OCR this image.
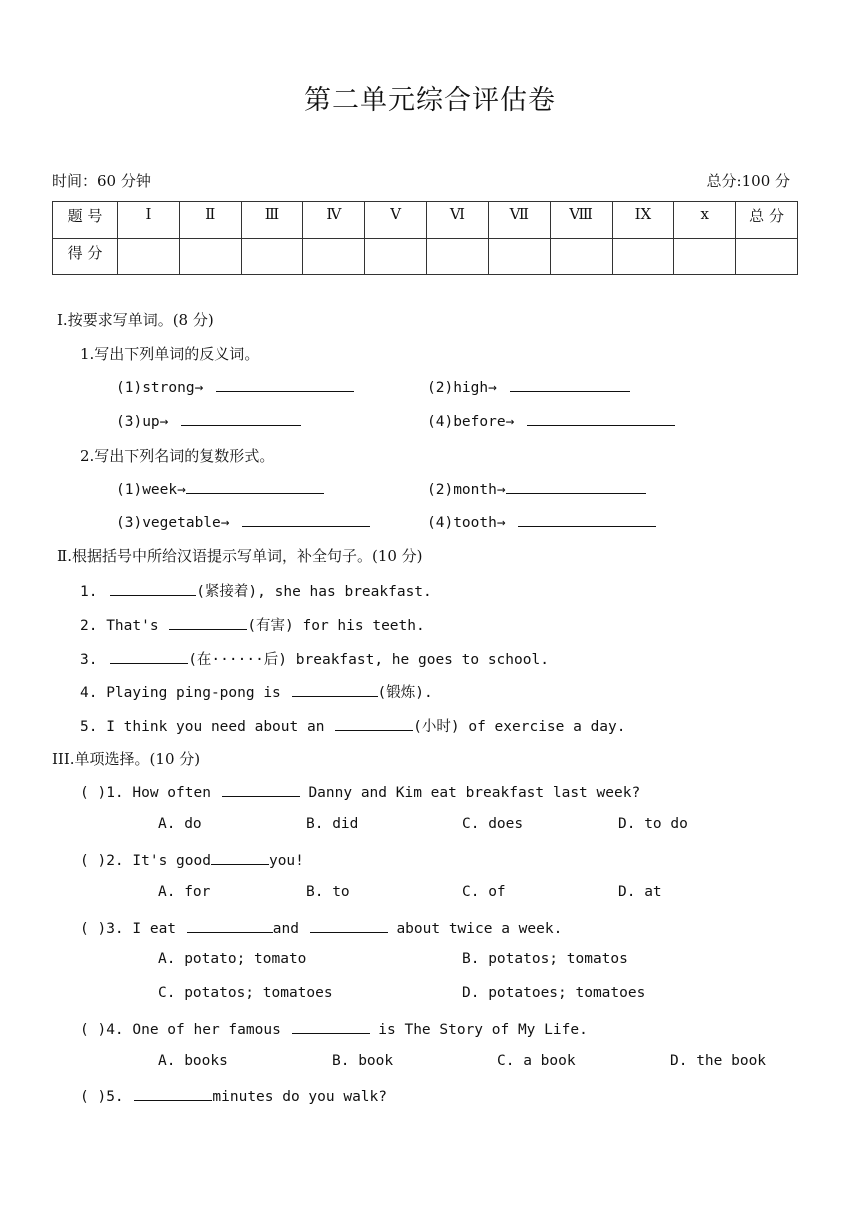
第二单元综合评估卷
时间：60 分钟	总分:100 分
题 号	Ⅰ	Ⅱ	Ⅲ	Ⅳ	Ⅴ	Ⅵ	Ⅶ	Ⅷ	ⅠX	x	总 分
得 分											
Ⅰ.按要求写单词。(8 分)
1.写出下列单词的反义词。
(1)strong→	(2)high→
(3)up→	(4)before→
2.写出下列名词的复数形式。
(1)week→	(2)month→
(3)vegetable→	(4)tooth→
Ⅱ.根据括号中所给汉语提示写单词，补全句子。(10 分)
1.	(紧接着), she has breakfast.
2. That's	(有害) for his teeth.
3.	(在······后) breakfast, he goes to school.
4. Playing ping-pong is	(锻炼).
5. I think you need about an	(小时) of exercise a day.
III.单项选择。(10 分)
( )1. How often	Danny and Kim eat breakfast last week?
A. do	B. did	C. does	D. to do
( )2. It's good	you!
A. for	B. to	C. of	D. at
( )3. I eat	and	about twice a week.
A. potato; tomato	B. potatos; tomatos
C. potatos; tomatoes	D. potatoes; tomatoes
( )4. One of her famous	is The Story of My Life.
A. books	B. book	C. a book	D. the book
( )5.	minutes do you walk?
